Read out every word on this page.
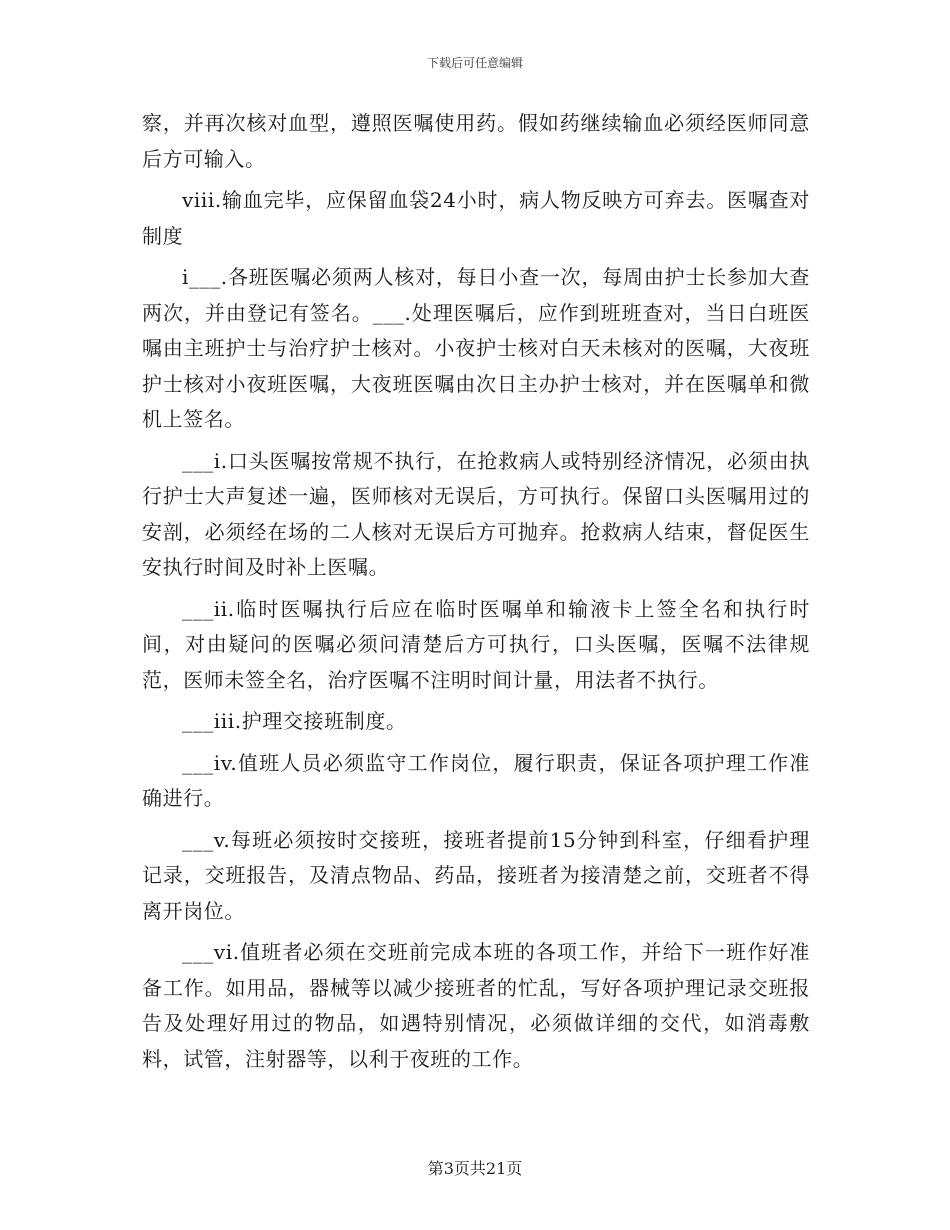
下载后可任意编辑

察，并再次核对血型，遵照医嘱使用药。假如药继续输血必须经医师同意后方可输入。

viii.输血完毕，应保留血袋24小时，病人物反映方可弃去。医嘱查对制度

i___.各班医嘱必须两人核对，每日小查一次，每周由护士长参加大查两次，并由登记有签名。___.处理医嘱后，应作到班班查对，当日白班医嘱由主班护士与治疗护士核对。小夜护士核对白天未核对的医嘱，大夜班护士核对小夜班医嘱，大夜班医嘱由次日主办护士核对，并在医嘱单和微机上签名。

___i.口头医嘱按常规不执行，在抢救病人或特别经济情况，必须由执行护士大声复述一遍，医师核对无误后，方可执行。保留口头医嘱用过的安剖，必须经在场的二人核对无误后方可抛弃。抢救病人结束，督促医生安执行时间及时补上医嘱。

___ii.临时医嘱执行后应在临时医嘱单和输液卡上签全名和执行时间，对由疑问的医嘱必须问清楚后方可执行，口头医嘱，医嘱不法律规范，医师未签全名，治疗医嘱不注明时间计量，用法者不执行。

___iii.护理交接班制度。

___iv.值班人员必须监守工作岗位，履行职责，保证各项护理工作准确进行。

___v.每班必须按时交接班，接班者提前15分钟到科室，仔细看护理记录，交班报告，及清点物品、药品，接班者为接清楚之前，交班者不得离开岗位。

___vi.值班者必须在交班前完成本班的各项工作，并给下一班作好准备工作。如用品，器械等以减少接班者的忙乱，写好各项护理记录交班报告及处理好用过的物品，如遇特别情况，必须做详细的交代，如消毒敷料，试管，注射器等，以利于夜班的工作。

第3页共21页
